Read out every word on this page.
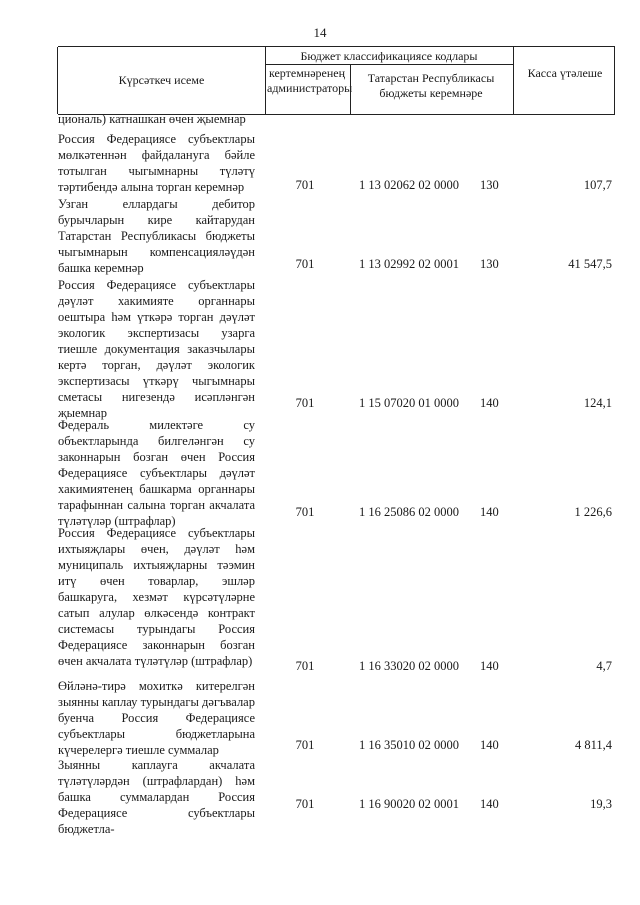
14
Күрсәткеч исеме
Бюджет классификациясе кодлары
кертемнәренең администраторы
Татарстан Республикасы бюджеты керемнәре
Касса үтәлеше
циональ) катнашкан өчен җыемнар
Россия Федерациясе субъектлары мөлкәтеннән файдалануга бәйле тотылган чыгымнарны түләтү тәртибендә алына торган керемнәр	701	1 13 02062 02 0000 130	107,7
Узган еллардагы дебитор бурычларын кире кайтарудан Татарстан Республикасы бюджеты чыгымнарын компенсацияләүдән башка керемнәр	701	1 13 02992 02 0001 130	41 547,5
Россия Федерациясе субъектлары дәүләт хакимияте органнары оештыра һәм үткәрә торган дәүләт экологик экспертизасы узарга тиешле документация заказчылары кертә торган, дәүләт экологик экспертизасы үткәрү чыгымнары сметасы нигезендә исәпләнгән җыемнар
701	1 15 07020 01 0000 140	124,1
Федераль милектәге су объектларында билгеләнгән су законнарын бозган өчен Россия Федерациясе субъектлары дәүләт хакимиятенең башкарма органнары тарафыннан салына торган акчалата түләтүләр (штрафлар)
701	1 16 25086 02 0000 140	1 226,6
Россия Федерациясе субъектлары ихтыяҗлары өчен, дәүләт һәм муниципаль ихтыяҗларны тәэмин итү өчен товарлар, эшләр башкаруга, хезмәт күрсәтүләрне сатып алулар өлкәсендә контракт системасы турындагы Россия Федерациясе законнарын бозган өчен акчалата түләтүләр (штрафлар)	701	1 16 33020 02 0000 140	4,7
Өйләнә-тирә мохиткә китерелгән зыянны каплау турындагы дәгъвалар буенча Россия Федерациясе субъектлары бюджетларына күчерелергә тиешле суммалар	701	1 16 35010 02 0000 140	4 811,4
Зыянны каплауга акчалата түләтүләрдән (штрафлардан) һәм башка суммалардан Россия Федерациясе субъектлары бюджетла-
701	1 16 90020 02 0001 140	19,3
